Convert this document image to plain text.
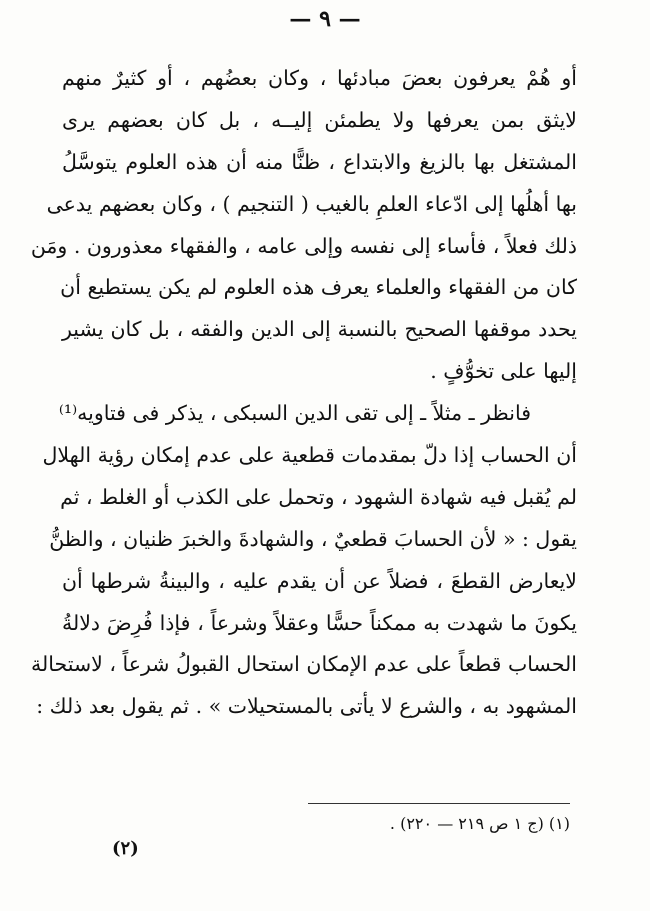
— ٩ —
أو هُمْ يعرفون بعضَ مبادئها ، وكان بعضُهم ، أو كثيرٌ منهم
لايثق بمن يعرفها ولا يطمئن إليــه ، بل كان بعضهم يرى
المشتغل بها بالزيغ والابتداع ، ظنًّا منه أن هذه العلوم يتوسَّلُ
بها أهلُها إلى ادّعاء العلمِ بالغيب ( التنجيم ) ، وكان بعضهم يدعى
ذلك فعلاً ، فأساء إلى نفسه وإلى عامه ، والفقهاء معذورون . ومَن
كان من الفقهاء والعلماء يعرف هذه العلوم لم يكن يستطيع أن
يحدد موقفها الصحيح بالنسبة إلى الدين والفقه ، بل كان يشير
إليها على تخوُّفٍ .
فانظر ـ مثلاً ـ إلى تقى الدين السبكى ، يذكر فى فتاويه⁽¹⁾
أن الحساب إذا دلّ بمقدمات قطعية على عدم إمكان رؤية الهلال
لم يُقبل فيه شهادة الشهود ، وتحمل على الكذب أو الغلط ، ثم
يقول : « لأن الحسابَ قطعيٌ ، والشهادةَ والخبرَ ظنيان ، والظنُّ
لايعارض القطعَ ، فضلاً عن أن يقدم عليه ، والبينةُ شرطها أن
يكونَ ما شهدت به ممكناً حسًّا وعقلاً وشرعاً ، فإذا فُرِضَ دلالةُ
الحساب قطعاً على عدم الإمكان استحال القبولُ شرعاً ، لاستحالة
المشهود به ، والشرع لا يأتى بالمستحيلات » . ثم يقول بعد ذلك :
(١) (ج ١ ص ٢١٩ — ٢٢٠) .
(٢)
